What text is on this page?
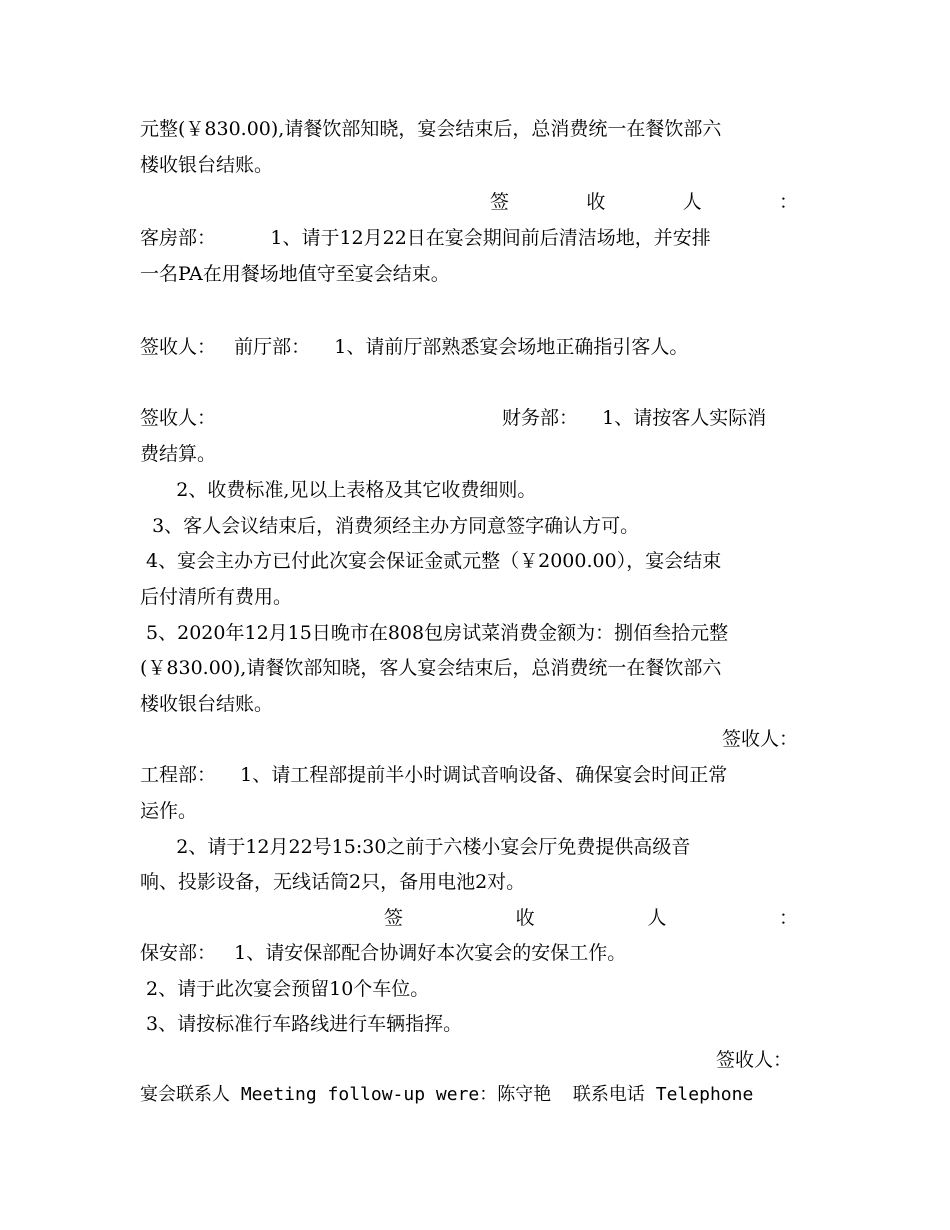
元整(￥830.00),请餐饮部知晓，宴会结束后，总消费统一在餐饮部六
楼收银台结账。
签	收	人	：
客房部：         1、请于12月22日在宴会期间前后清洁场地，并安排
一名PA在用餐场地值守至宴会结束。
签收人：   前厅部：    1、请前厅部熟悉宴会场地正确指引客人。
签收人：	财务部：    1、请按客人实际消
费结算。
2、收费标准,见以上表格及其它收费细则。
3、客人会议结束后，消费须经主办方同意签字确认方可。
4、宴会主办方已付此次宴会保证金贰元整（￥2000.00），宴会结束
后付清所有费用。
5、2020年12月15日晚市在808包房试菜消费金额为：捌佰叁拾元整
(￥830.00),请餐饮部知晓，客人宴会结束后，总消费统一在餐饮部六
楼收银台结账。
签收人：
工程部：    1、请工程部提前半小时调试音响设备、确保宴会时间正常
运作。
2、请于12月22号15:30之前于六楼小宴会厅免费提供高级音
响、投影设备，无线话筒2只，备用电池2对。
签	收	人	：
保安部：   1、请安保部配合协调好本次宴会的安保工作。
2、请于此次宴会预留10个车位。
3、请按标准行车路线进行车辆指挥。
签收人：
宴会联系人 Meeting follow-up were：陈守艳  联系电话 Telephone
